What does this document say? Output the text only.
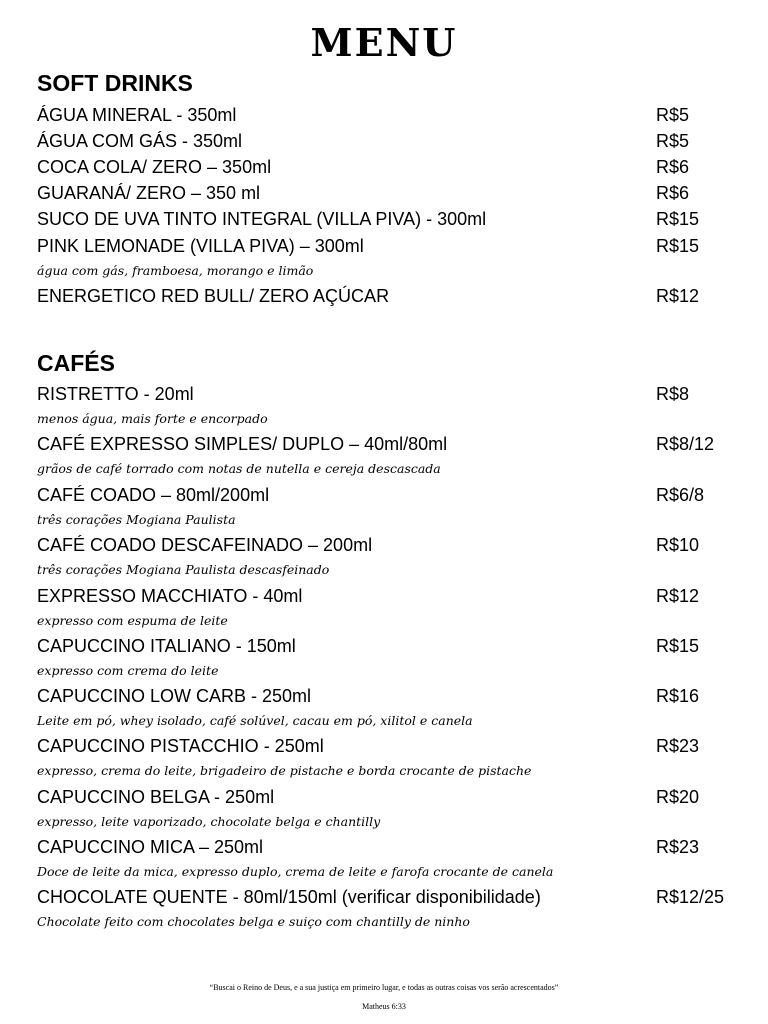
MENU
SOFT DRINKS
ÁGUA MINERAL - 350ml	R$5
ÁGUA COM GÁS - 350ml	R$5
COCA COLA/ ZERO – 350ml	R$6
GUARANÁ/ ZERO – 350 ml	R$6
SUCO DE UVA TINTO INTEGRAL (VILLA PIVA) - 300ml	R$15
PINK LEMONADE (VILLA PIVA) – 300ml	R$15
água com gás, framboesa, morango e limão
ENERGETICO RED BULL/ ZERO AÇÚCAR	R$12
CAFÉS
RISTRETTO - 20ml	R$8
menos água, mais forte e encorpado
CAFÉ EXPRESSO SIMPLES/ DUPLO – 40ml/80ml	R$8/12
grãos de café torrado com notas de nutella e cereja descascada
CAFÉ COADO – 80ml/200ml	R$6/8
três corações Mogiana Paulista
CAFÉ COADO DESCAFEINADO – 200ml	R$10
três corações Mogiana Paulista descasfeinado
EXPRESSO MACCHIATO - 40ml	R$12
expresso com espuma de leite
CAPUCCINO ITALIANO - 150ml	R$15
expresso com crema do leite
CAPUCCINO LOW CARB - 250ml	R$16
Leite em pó, whey isolado, café solúvel, cacau em pó, xilitol e canela
CAPUCCINO PISTACCHIO - 250ml	R$23
expresso, crema do leite, brigadeiro de pistache e borda crocante de pistache
CAPUCCINO BELGA - 250ml	R$20
expresso, leite vaporizado, chocolate belga e chantilly
CAPUCCINO MICA – 250ml	R$23
Doce de leite da mica, expresso duplo, crema de leite e farofa crocante de canela
CHOCOLATE QUENTE - 80ml/150ml (verificar disponibilidade)	R$12/25
Chocolate feito com chocolates belga e suiço com chantilly de ninho
“Buscai o Reino de Deus, e a sua justiça em primeiro lugar, e todas as outras coisas vos serão acrescentados”
Matheus 6:33
